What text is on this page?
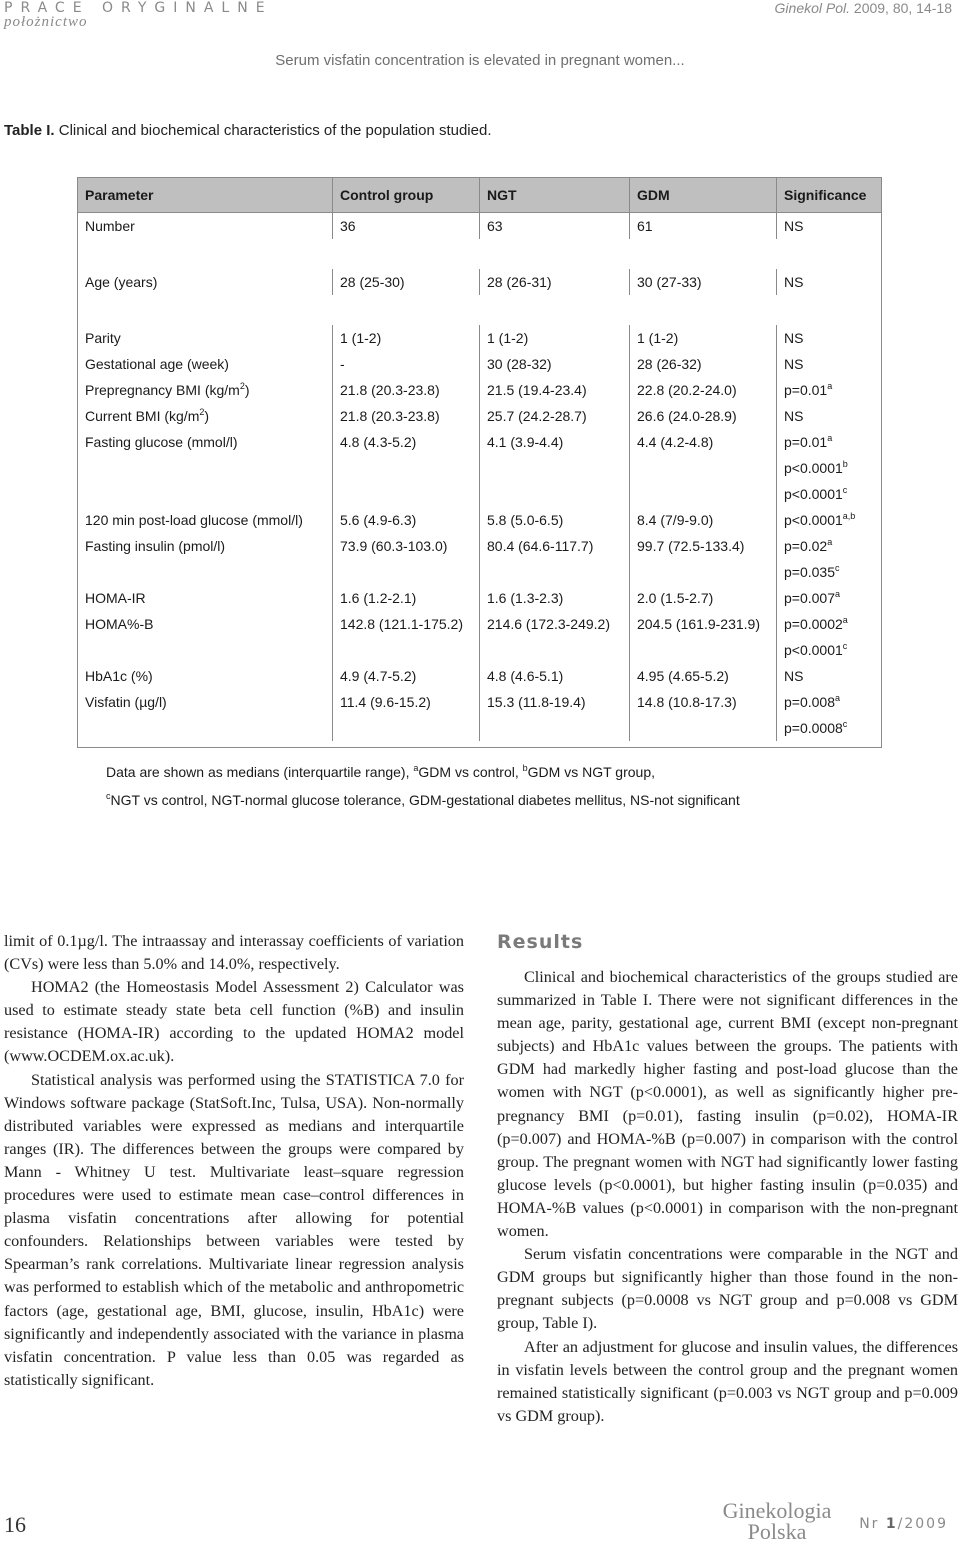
PRACE ORYGINALNE
położnictwo
Ginekol Pol. 2009, 80, 14-18
Serum visfatin concentration is elevated in pregnant women...
Table I. Clinical and biochemical characteristics of the population studied.
Parameter	Control group	NGT	GDM	Significance
Number	36	63	61	NS

Age (years)	28 (25-30)	28 (26-31)	30 (27-33)	NS

Parity	1 (1-2)	1 (1-2)	1 (1-2)	NS

Gestational age (week)	-	30 (28-32)	28 (26-32)	NS

Prepregnancy BMI $(kg/m^2)$	21.8 (20.3-23.8)	21.5 (19.4-23.4)	22.8 (20.2-24.0)	p=0.01$^a$

Current BMI $(kg/m^2)$	21.8 (20.3-23.8)	25.7 (24.2-28.7)	26.6 (24.0-28.9)	NS

Fasting glucose (mmol/l)	4.8 (4.3-5.2)	4.1 (3.9-4.4)	4.4 (4.2-4.8)	p=0.01$^a$
p<0.0001$^b$
p<0.0001$^c$

120 min post-load glucose (mmol/l)	5.6 (4.9-6.3)	5.8 (5.0-6.5)	8.4 (7/9-9.0)	$p<0.0001^{a,b}$

Fasting insulin (pmol/l)	73.9 (60.3-103.0)	80.4 (64.6-117.7)	99.7 (72.5-133.4)	p=0.02$^a$
p=0.035$^c$

HOMA-IR	1.6 (1.2-2.1)	1.6 (1.3-2.3)	2.0 (1.5-2.7)	p=0.007$^a$

HOMA%-B	142.8 (121.1-175.2)	214.6 (172.3-249.2)	204.5 (161.9-231.9)	p=0.0002$^a$
p<0.0001$^c$

HbA1c (%)	4.9 (4.7-5.2)	4.8 (4.6-5.1)	4.95 (4.65-5.2)	NS

Visfatin (µg/l)	11.4 (9.6-15.2)	15.3 (11.8-19.4)	14.8 (10.8-17.3)	p=0.008$^a$
p=0.0008$^c$

Data are shown as medians (interquartile range), $^a$GDM vs control, $^b$GDM vs NGT group,
$^c$NGT vs control, NGT-normal glucose tolerance, GDM-gestational diabetes mellitus, NS-not significant

limit of 0.1µg/l. The intraassay and interassay coefficients of variation (CVs) were less than 5.0% and 14.0%, respectively.

HOMA2 (the Homeostasis Model Assessment 2) Calculator was used to estimate steady state beta cell function (%B) and insulin resistance (HOMA-IR) according to the updated HOMA2 model (www.OCDEM.ox.ac.uk).

Statistical analysis was performed using the STATISTICA 7.0 for Windows software package (StatSoft.Inc, Tulsa, USA). Non-normally distributed variables were expressed as medians and interquartile ranges (IR). The differences between the groups were compared by Mann - Whitney U test. Multivariate least–square regression procedures were used to estimate mean case–control differences in plasma visfatin concentrations after allowing for potential confounders. Relationships between variables were tested by Spearman’s rank correlations. Multivariate linear regression analysis was performed to establish which of the metabolic and anthropometric factors (age, gestational age, BMI, glucose, insulin, HbA1c) were significantly and independently associated with the variance in plasma visfatin concentration. P value less than 0.05 was regarded as statistically significant.

Results

Clinical and biochemical characteristics of the groups studied are summarized in Table I. There were not significant differences in the mean age, parity, gestational age, current BMI (except non-pregnant subjects) and HbA1c values between the groups. The patients with GDM had markedly higher fasting and post-load glucose than the women with NGT (p<0.0001), as well as significantly higher pre-pregnancy BMI (p=0.01), fasting insulin (p=0.02), HOMA-IR (p=0.007) and HOMA-%B (p=0.007) in comparison with the control group. The pregnant women with NGT had significantly lower fasting glucose levels (p<0.0001), but higher fasting insulin (p=0.035) and HOMA-%B values (p<0.0001) in comparison with the non-pregnant women.

Serum visfatin concentrations were comparable in the NGT and GDM groups but significantly higher than those found in the non-pregnant subjects (p=0.0008 vs NGT group and p=0.008 vs GDM group, Table I).

After an adjustment for glucose and insulin values, the differences in visfatin levels between the control group and the pregnant women remained statistically significant (p=0.003 vs NGT group and p=0.009 vs GDM group).

16
Ginekologia
Polska	Nr 1/2009
